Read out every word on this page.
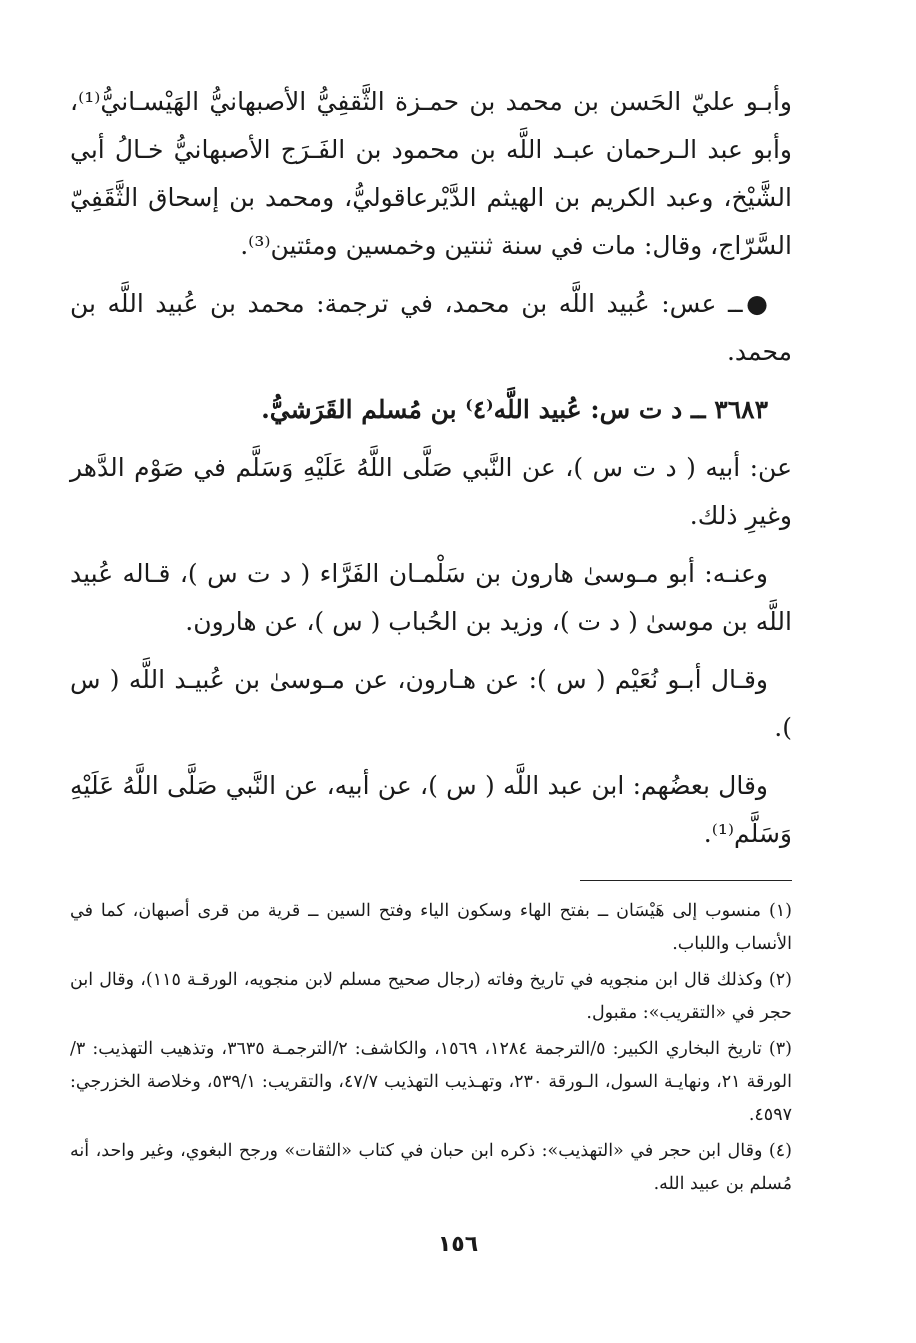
وأبـو عليّ الحَسن بن محمد بن حمـزة الثَّقفِيُّ الأصبهانيُّ الهَيْسـانيُّ⁽¹⁾، وأبو عبد الـرحمان عبـد اللَّه بن محمود بن الفَـرَج الأصبهانيُّ خـالُ أبي الشَّيْخ، وعبد الكريم بن الهيثم الدَّيْرعاقوليُّ، ومحمد بن إسحاق الثَّقَفِيّ السَّرّاج، وقال: مات في سنة ثنتين وخمسين ومئتين⁽³⁾.

●ــ عس: عُبيد اللَّه بن محمد، في ترجمة: محمد بن عُبيد اللَّه بن محمد.

٣٦٨٣ ــ د ت س: عُبيد اللَّه⁽٤⁾ بن مُسلم القَرَشيُّ.

عن: أبيه ( د ت س )، عن النَّبي صَلَّى اللَّهُ عَلَيْهِ وَسَلَّم في صَوْم الدَّهر وغيرِ ذلك.

وعنـه: أبو مـوسىٰ هارون بن سَلْمـان الفَرَّاء ( د ت س )، قـاله عُبيد اللَّه بن موسىٰ ( د ت )، وزيد بن الحُباب ( س )، عن هارون.

وقـال أبـو نُعَيْم ( س ): عن هـارون، عن مـوسىٰ بن عُبيـد اللَّه ( س ).

وقال بعضُهم: ابن عبد اللَّه ( س )، عن أبيه، عن النَّبي صَلَّى اللَّهُ عَلَيْهِ وَسَلَّم⁽¹⁾.

(١) منسوب إلى هَيْسَان ــ بفتح الهاء وسكون الياء وفتح السين ــ قرية من قرى أصبهان، كما في الأنساب واللباب.

(٢) وكذلك قال ابن منجويه في تاريخ وفاته (رجال صحيح مسلم لابن منجويه، الورقـة ١١٥)، وقال ابن حجر في «التقريب»: مقبول.

(٣) تاريخ البخاري الكبير: ٥/الترجمة ١٢٨٤، ١٥٦٩، والكاشف: ٢/الترجمـة ٣٦٣٥، وتذهيب التهذيب: ٣/الورقة ٢١، ونهايـة السول، الـورقة ٢٣٠، وتهـذيب التهذيب ٤٧/٧، والتقريب: ٥٣٩/١، وخلاصة الخزرجي: ٤٥٩٧.

(٤) وقال ابن حجر في «التهذيب»: ذكره ابن حبان في كتاب «الثقات» ورجح البغوي، وغير واحد، أنه مُسلم بن عبيد الله.

١٥٦
